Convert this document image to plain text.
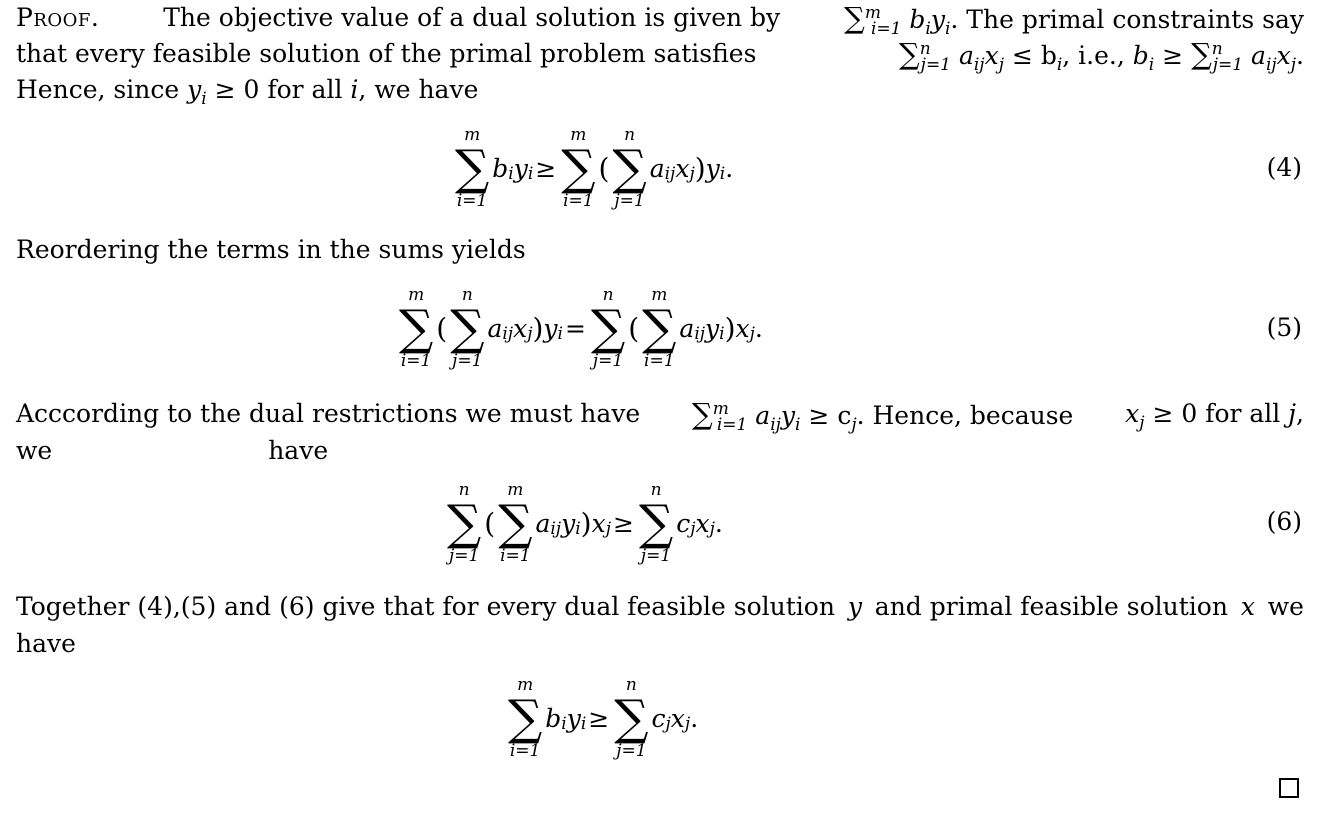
Proof.	The objective value of a dual solution is given by ∑$^m_{i=1}$ $b_iy_i$. The primal constraints say
that every feasible solution of the primal problem satisfies	∑$^n_{j=1}$ $a_{ij}x_j \le b_i$, i.e., $b_i \ge \sum^n_{j=1}$ $a_{ij}x_j$.
Hence, since $y_i \ge 0$ for all i, we have
m
∑
i=1
b i y i ≥
m
∑
i=1
(
n
∑
j=1
a ij x j ) y i .	(4)
Reordering the terms in the sums yields
m
∑
i=1
(
n
∑
j=1
a ij x j ) y i =
n
∑
j=1
(
m
∑
i=1
a ij y i ) x j .	(5)
Acccording to the dual restrictions we must have ∑$^m_{i=1}$ $a_{ij}y_i \ge c_j$. Hence, because $x_j \ge 0$ for all j,
we	have
n
∑
j=1
(
m
∑
i=1
a ij y i ) x j ≥
n
∑
j=1
c j x j .	(6)
Together (4),(5) and (6) give that for every dual feasible solution y and primal feasible solution x we
have
m
∑
i=1
b i y i ≥
n
∑
j=1
c j x j .
